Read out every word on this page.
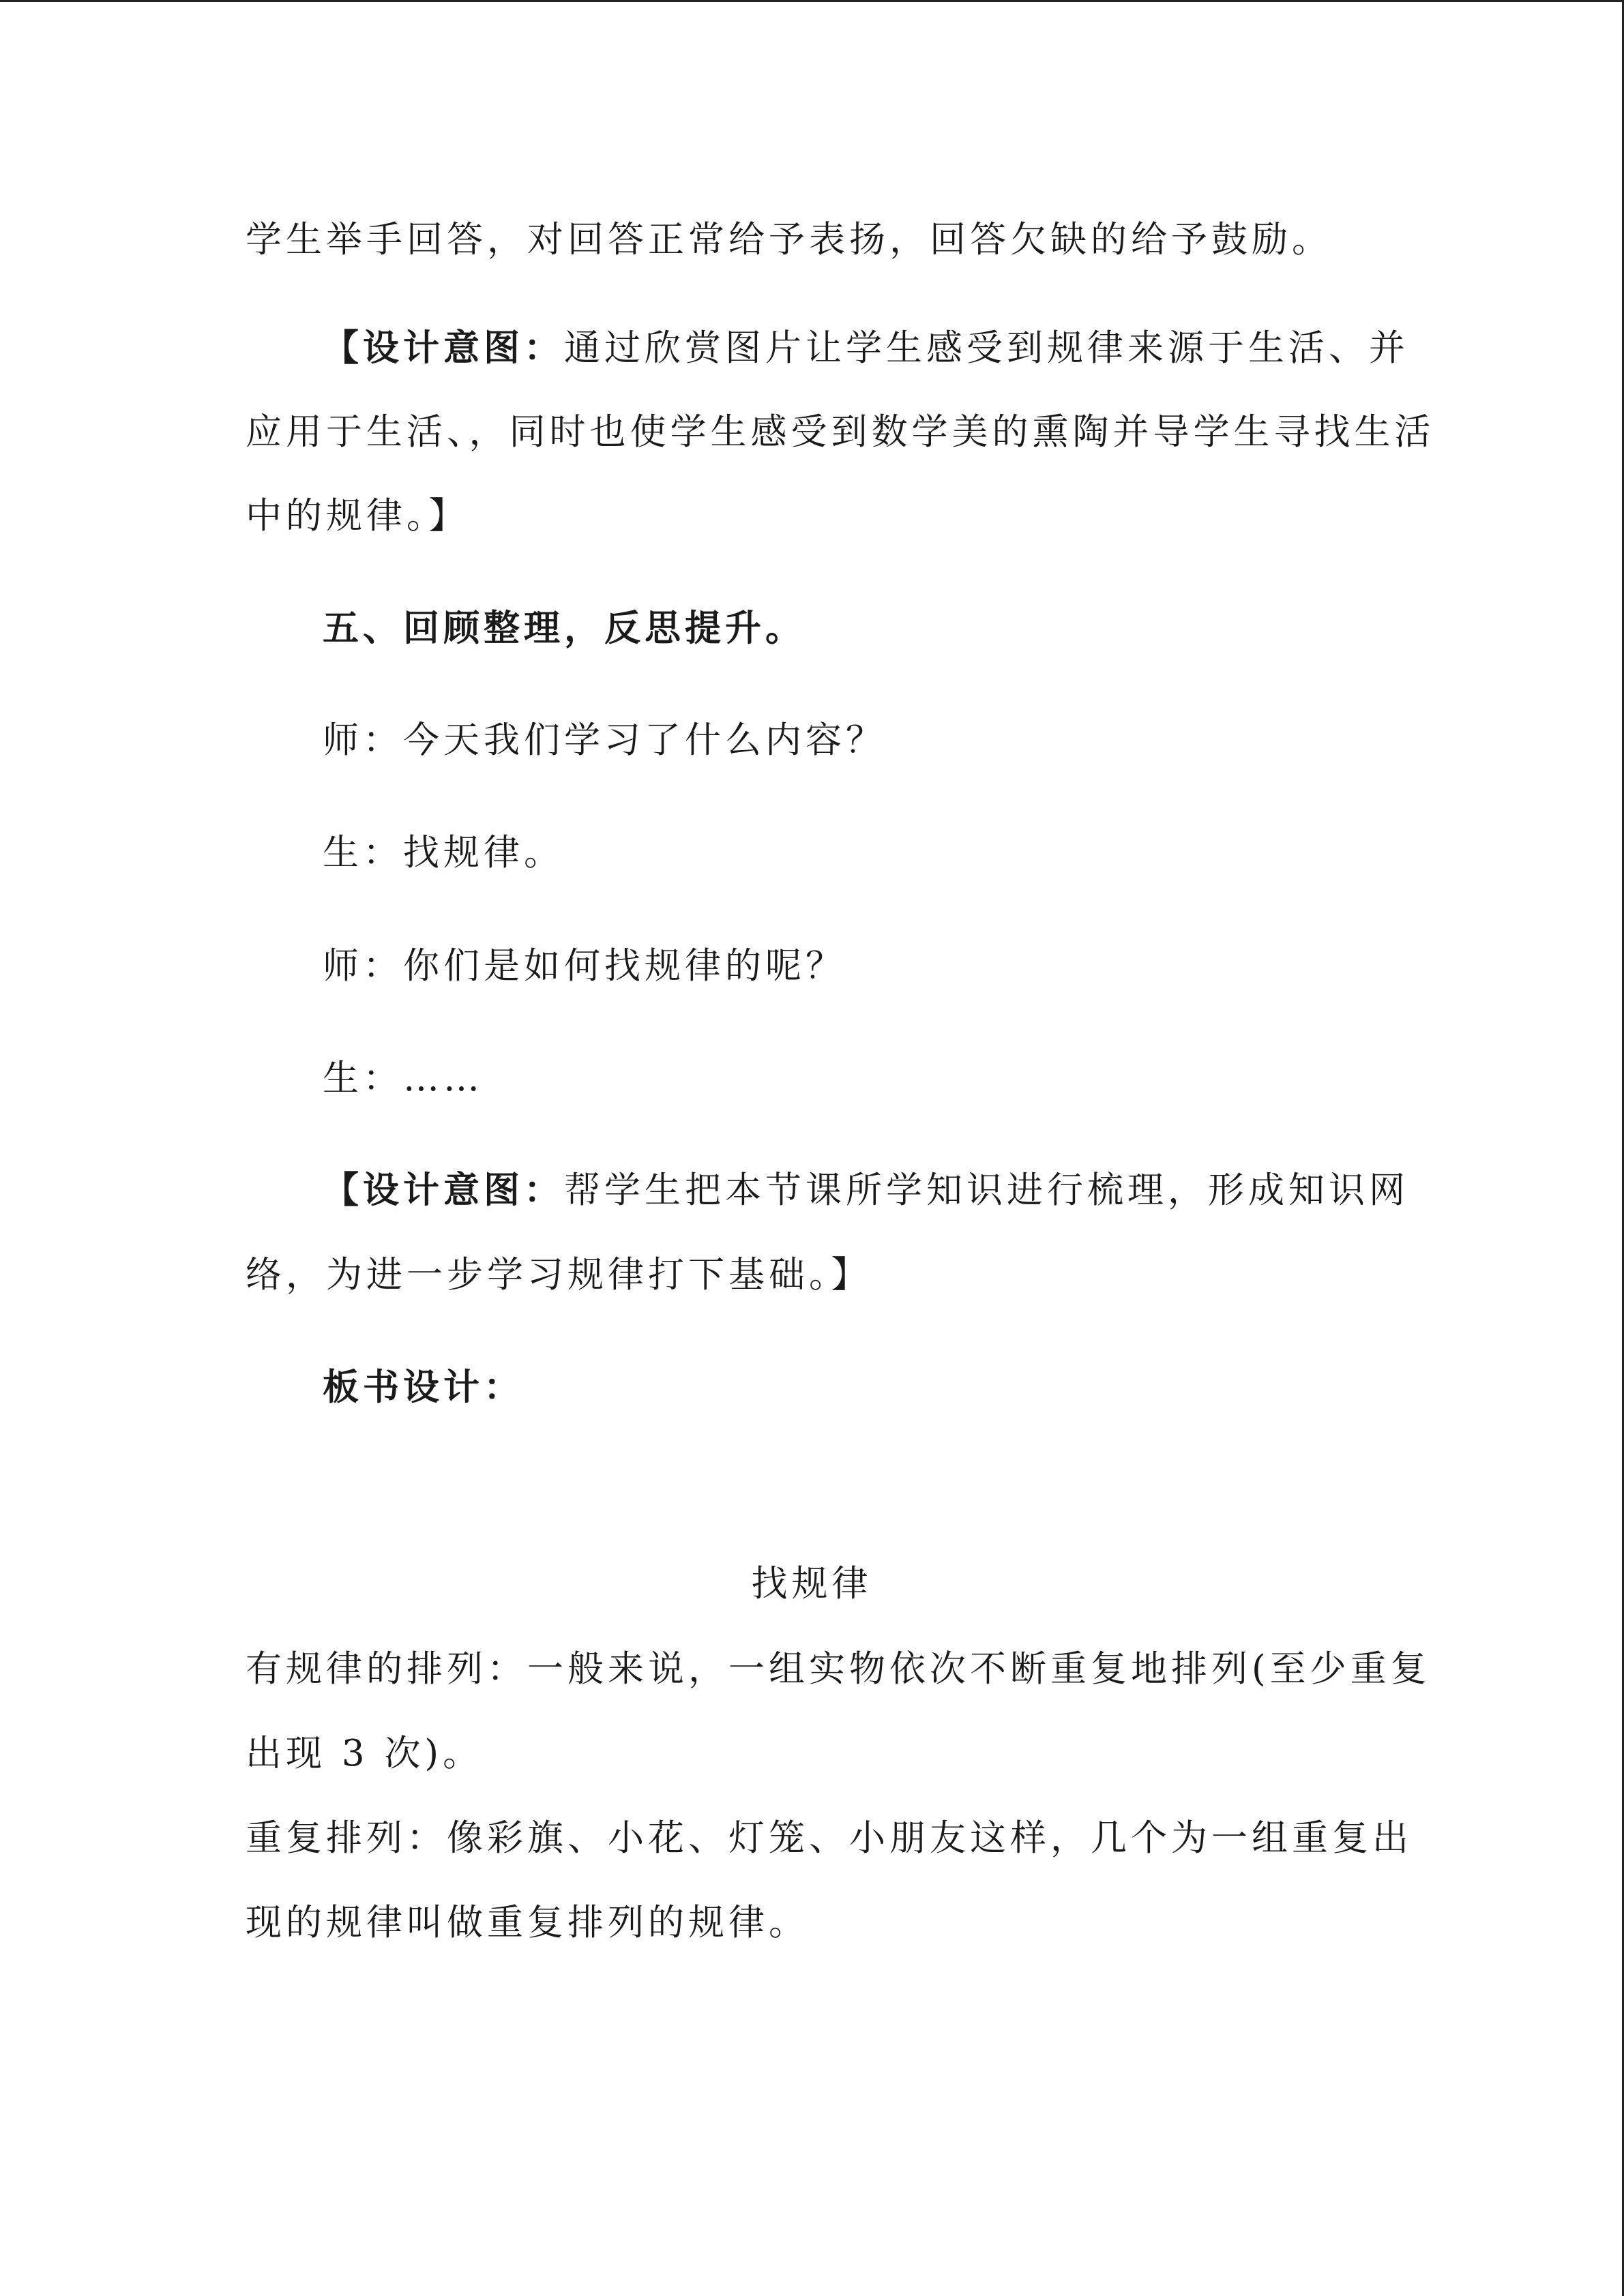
学生举手回答，对回答正常给予表扬，回答欠缺的给予鼓励。
【设计意图：通过欣赏图片让学生感受到规律来源于生活、并
应用于生活、，同时也使学生感受到数学美的熏陶并导学生寻找生活
中的规律。】
五、回顾整理，反思提升。
师：今天我们学习了什么内容？
生：找规律。
师：你们是如何找规律的呢？
生：……
【设计意图：帮学生把本节课所学知识进行梳理，形成知识网
络，为进一步学习规律打下基础。】
板书设计：
找规律
有规律的排列：一般来说，一组实物依次不断重复地排列(至少重复
出现 3 次)。
重复排列：像彩旗、小花、灯笼、小朋友这样，几个为一组重复出
现的规律叫做重复排列的规律。
